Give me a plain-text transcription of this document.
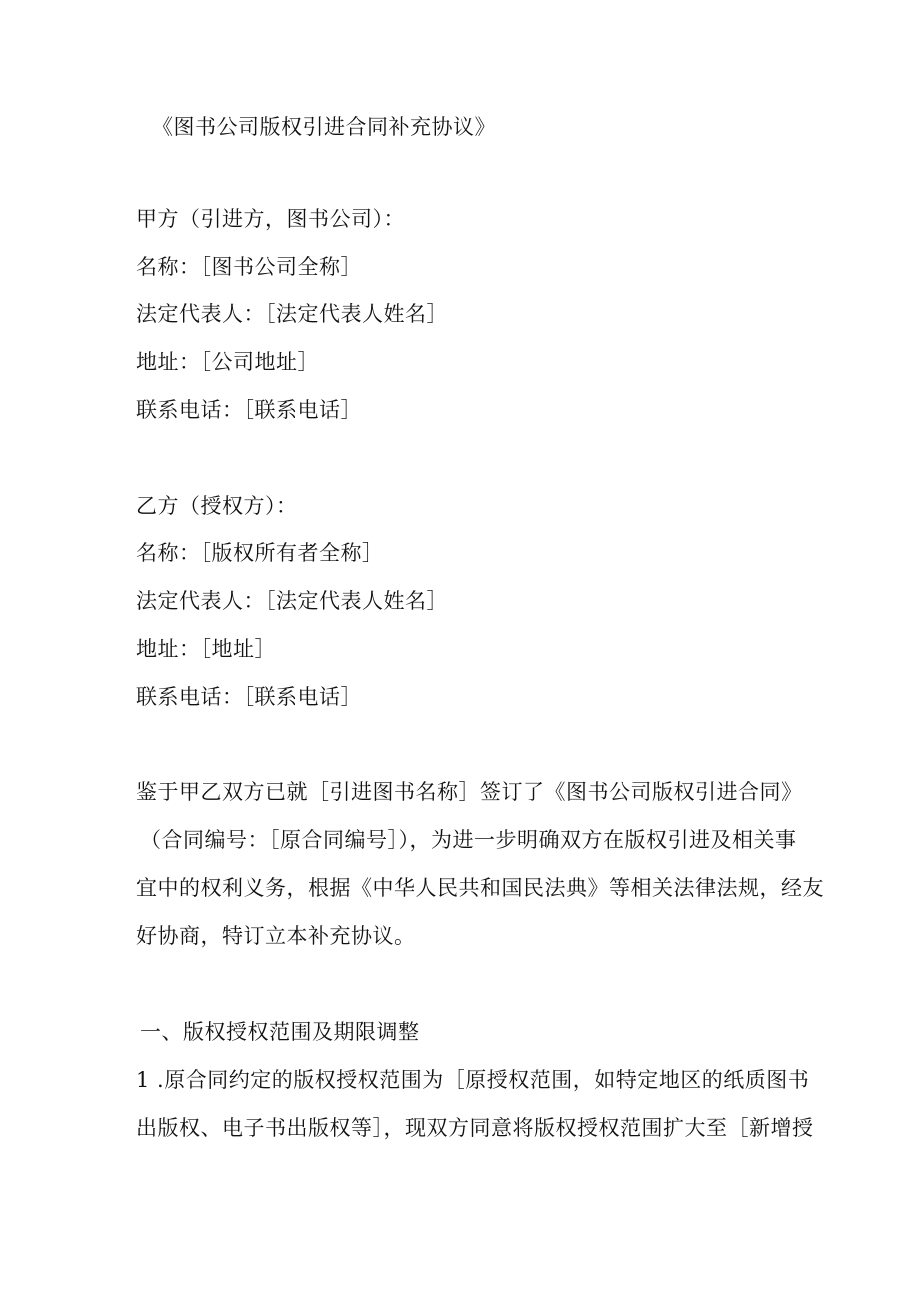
《图书公司版权引进合同补充协议》
甲方（引进方，图书公司）：
名称：［图书公司全称］
法定代表人：［法定代表人姓名］
地址：［公司地址］
联系电话：［联系电话］
乙方（授权方）：
名称：［版权所有者全称］
法定代表人：［法定代表人姓名］
地址：［地址］
联系电话：［联系电话］
鉴于甲乙双方已就［引进图书名称］签订了《图书公司版权引进合同》
（合同编号：［原合同编号］），为进一步明确双方在版权引进及相关事
宜中的权利义务，根据《中华人民共和国民法典》等相关法律法规，经友
好协商，特订立本补充协议。
一、版权授权范围及期限调整
1 .原合同约定的版权授权范围为［原授权范围，如特定地区的纸质图书
出版权、电子书出版权等］，现双方同意将版权授权范围扩大至［新增授
